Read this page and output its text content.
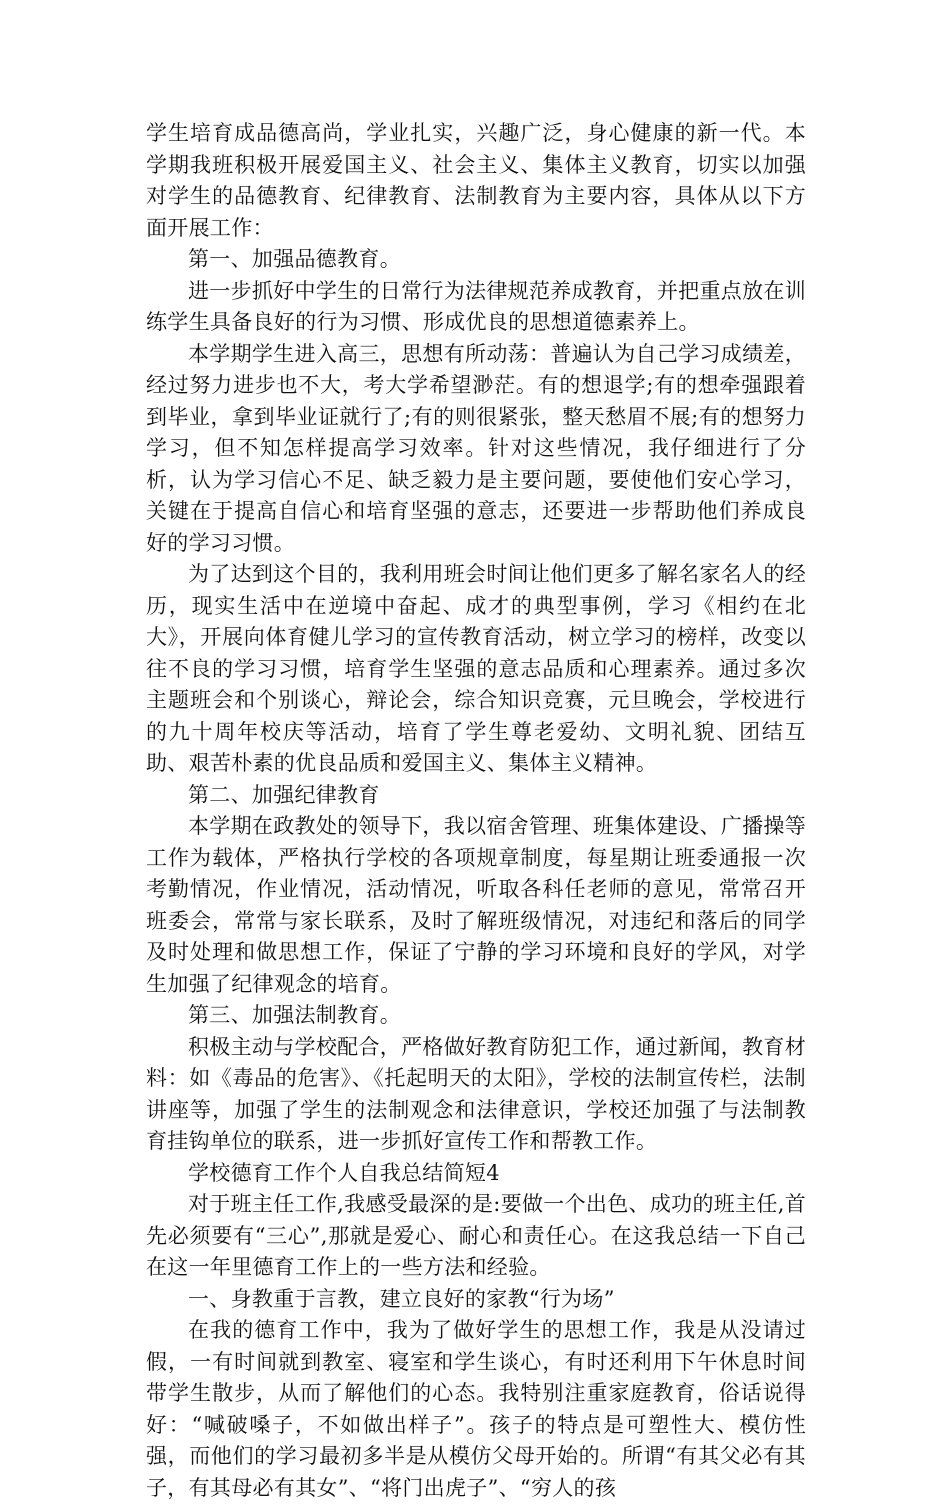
学生培育成品德高尚，学业扎实，兴趣广泛，身心健康的新一代。本学期我班积极开展爱国主义、社会主义、集体主义教育，切实以加强对学生的品德教育、纪律教育、法制教育为主要内容，具体从以下方面开展工作：

第一、加强品德教育。

进一步抓好中学生的日常行为法律规范养成教育，并把重点放在训练学生具备良好的行为习惯、形成优良的思想道德素养上。

本学期学生进入高三，思想有所动荡：普遍认为自己学习成绩差，经过努力进步也不大，考大学希望渺茫。有的想退学;有的想牵强跟着到毕业，拿到毕业证就行了;有的则很紧张，整天愁眉不展;有的想努力学习，但不知怎样提高学习效率。针对这些情况，我仔细进行了分析，认为学习信心不足、缺乏毅力是主要问题，要使他们安心学习，关键在于提高自信心和培育坚强的意志，还要进一步帮助他们养成良好的学习习惯。

为了达到这个目的，我利用班会时间让他们更多了解名家名人的经历，现实生活中在逆境中奋起、成才的典型事例，学习《相约在北大》，开展向体育健儿学习的宣传教育活动，树立学习的榜样，改变以往不良的学习习惯，培育学生坚强的意志品质和心理素养。通过多次主题班会和个别谈心，辩论会，综合知识竞赛，元旦晚会，学校进行的九十周年校庆等活动，培育了学生尊老爱幼、文明礼貌、团结互助、艰苦朴素的优良品质和爱国主义、集体主义精神。

第二、加强纪律教育

本学期在政教处的领导下，我以宿舍管理、班集体建设、广播操等工作为载体，严格执行学校的各项规章制度，每星期让班委通报一次考勤情况，作业情况，活动情况，听取各科任老师的意见，常常召开班委会，常常与家长联系，及时了解班级情况，对违纪和落后的同学及时处理和做思想工作，保证了宁静的学习环境和良好的学风，对学生加强了纪律观念的培育。

第三、加强法制教育。

积极主动与学校配合，严格做好教育防犯工作，通过新闻，教育材料：如《毒品的危害》、《托起明天的太阳》，学校的法制宣传栏，法制讲座等，加强了学生的法制观念和法律意识，学校还加强了与法制教育挂钩单位的联系，进一步抓好宣传工作和帮教工作。

学校德育工作个人自我总结简短4

对于班主任工作,我感受最深的是:要做一个出色、成功的班主任,首先必须要有“三心”,那就是爱心、耐心和责任心。在这我总结一下自己在这一年里德育工作上的一些方法和经验。

一、身教重于言教，建立良好的家教“行为场”

在我的德育工作中，我为了做好学生的思想工作，我是从没请过假，一有时间就到教室、寝室和学生谈心，有时还利用下午休息时间带学生散步，从而了解他们的心态。我特别注重家庭教育，俗话说得好：“喊破嗓子，不如做出样子”。孩子的特点是可塑性大、模仿性强，而他们的学习最初多半是从模仿父母开始的。所谓“有其父必有其子，有其母必有其女”、“将门出虎子”、“穷人的孩
